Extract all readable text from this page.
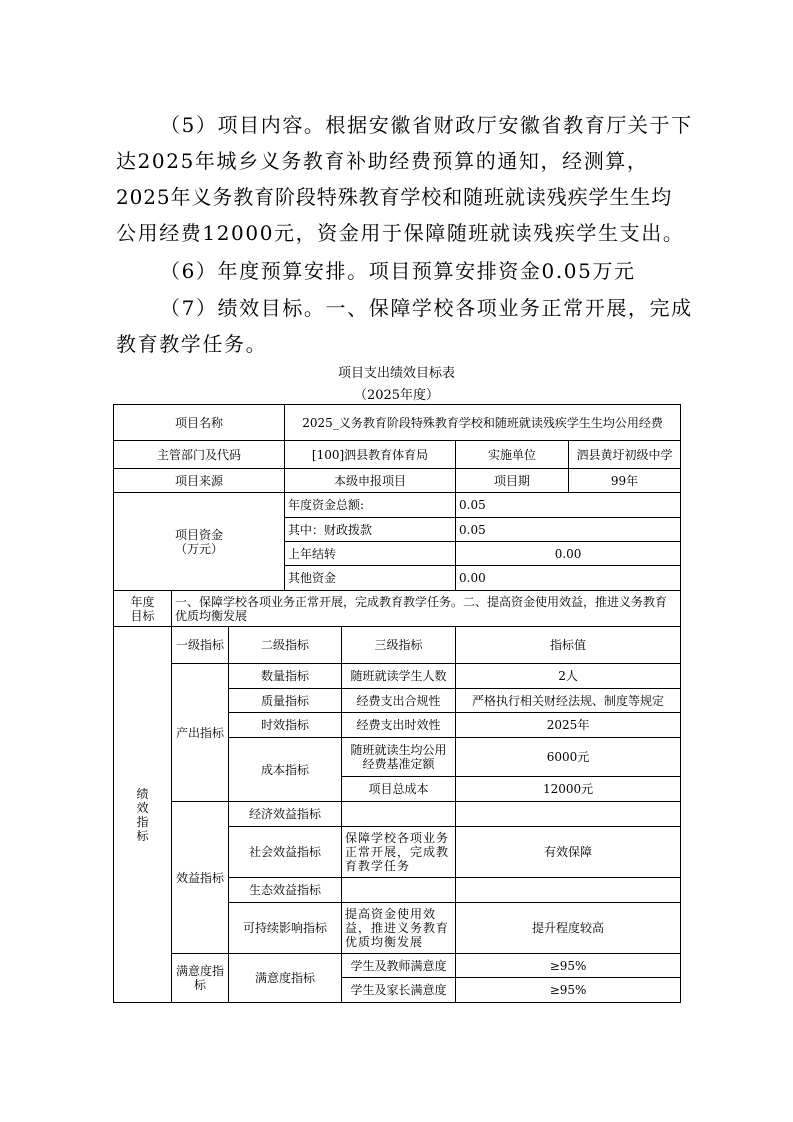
（5）项目内容。根据安徽省财政厅安徽省教育厅关于下

达2025年城乡义务教育补助经费预算的通知，经测算，

2025年义务教育阶段特殊教育学校和随班就读残疾学生生均

公用经费12000元，资金用于保障随班就读残疾学生支出。

（6）年度预算安排。项目预算安排资金0.05万元

（7）绩效目标。一、保障学校各项业务正常开展，完成

教育教学任务。

项目支出绩效目标表
（2025年度）
项目名称			2025_义务教育阶段特殊教育学校和随班就读残疾学生生均公用经费			
主管部门及代码			[100]泗县教育体育局		实施单位	泗县黄圩初级中学
项目来源			本级申报项目		项目期	99年

项目资金
（万元）			年度资金总额:		0.05	
			其中：财政拨款		0.05	
			上年结转		0.00	
			其他资金		0.00	

年度
目标	一、保障学校各项业务正常开展，完成教育教学任务。二、提高资金使用效益，推进义务教育优质均衡发展					

绩
效
指
标	一级指标	二级指标		三级指标	指标值	
	产出指标	数量指标		随班就读学生人数	2人	
		质量指标		经费支出合规性	严格执行相关财经法规、制度等规定	
		时效指标		经费支出时效性	2025年	
		成本指标		随班就读生均公用经费基准定额	6000元	
				项目总成本	12000元	
	效益指标	经济效益指标				
		社会效益指标		保障学校各项业务正常开展，完成教育教学任务	有效保障	
		生态效益指标				
		可持续影响指标		提高资金使用效益，推进义务教育优质均衡发展	提升程度较高	

	满意度指标	满意度指标		学生及教师满意度	≥95%	
				学生及家长满意度	≥95%	
